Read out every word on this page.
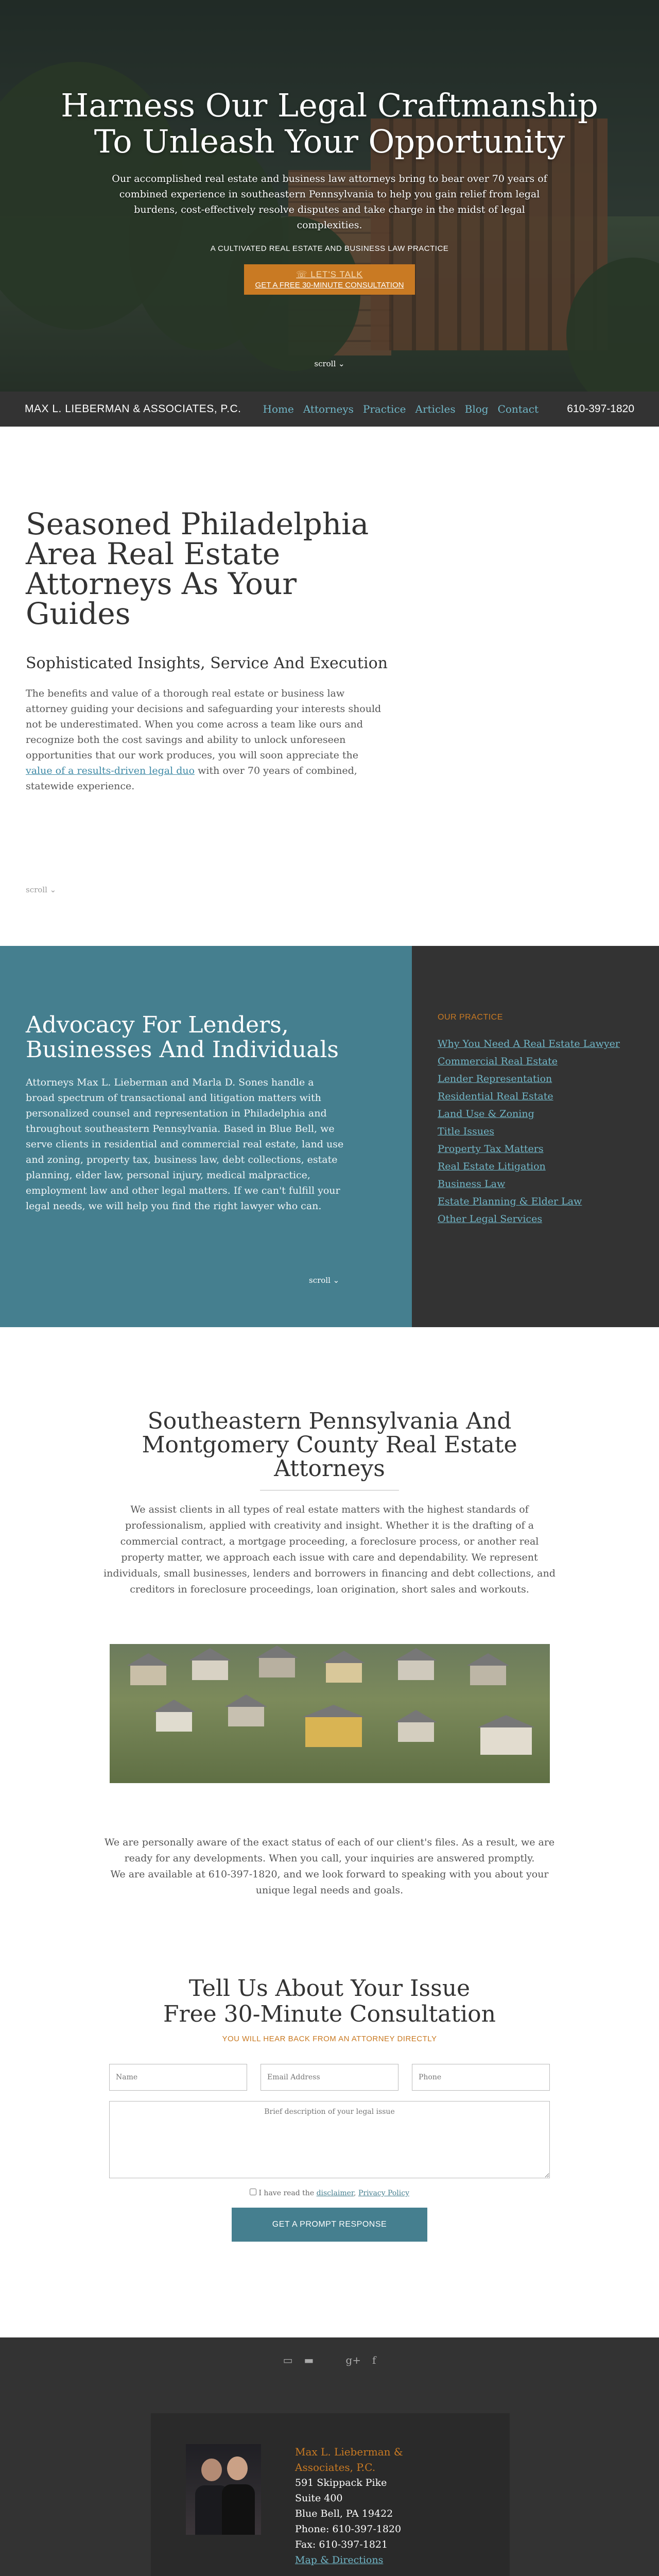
Harness Our Legal Craftmanship
To Unleash Your Opportunity

Our accomplished real estate and business law attorneys bring to bear over 70 years of combined experience in southeastern Pennsylvania to help you gain relief from legal burdens, cost-effectively resolve disputes and take charge in the midst of legal complexities.

A CULTIVATED REAL ESTATE AND BUSINESS LAW PRACTICE
☏ LET'S TALK
GET A FREE 30-MINUTE CONSULTATION
scroll ⌄
MAX L. LIEBERMAN & ASSOCIATES, P.C. Home Attorneys Practice Articles Blog Contact	610-397-1820
Seasoned Philadelphia Area Real Estate Attorneys As Your Guides
Sophisticated Insights, Service And Execution

The benefits and value of a thorough real estate or business law attorney guiding your decisions and safeguarding your interests should not be underestimated. When you come across a team like ours and recognize both the cost savings and ability to unlock unforeseen opportunities that our work produces, you will soon appreciate the value of a results-driven legal duo with over 70 years of combined, statewide experience.

scroll ⌄
Advocacy For Lenders,
Businesses And Individuals

Attorneys Max L. Lieberman and Marla D. Sones handle a broad spectrum of transactional and litigation matters with personalized counsel and representation in Philadelphia and throughout southeastern Pennsylvania. Based in Blue Bell, we serve clients in residential and commercial real estate, land use and zoning, property tax, business law, debt collections, estate planning, elder law, personal injury, medical malpractice, employment law and other legal matters. If we can't fulfill your legal needs, we will help you find the right lawyer who can.

scroll ⌄
OUR PRACTICE
Why You Need A Real Estate Lawyer
Commercial Real Estate
Lender Representation
Residential Real Estate
Land Use & Zoning
Title Issues
Property Tax Matters
Real Estate Litigation
Business Law
Estate Planning & Elder Law
Other Legal Services
Southeastern Pennsylvania And Montgomery County Real Estate Attorneys

We assist clients in all types of real estate matters with the highest standards of professionalism, applied with creativity and insight. Whether it is the drafting of a commercial contract, a mortgage proceeding, a foreclosure process, or another real property matter, we approach each issue with care and dependability. We represent individuals, small businesses, lenders and borrowers in financing and debt collections, and creditors in foreclosure proceedings, loan origination, short sales and workouts.

We are personally aware of the exact status of each of our client's files. As a result, we are ready for any developments. When you call, your inquiries are answered promptly.
We are available at 610-397-1820, and we look forward to speaking with you about your unique legal needs and goals.

Tell Us About Your Issue
Free 30-Minute Consultation
YOU WILL HEAR BACK FROM AN ATTORNEY DIRECTLY
Name
Email Address
Phone
Brief description of your legal issue
I have read the disclaimer, Privacy Policy
GET A PROMPT RESPONSE
▭ ▬	g+ f
Max L. Lieberman & Associates, P.C.
591 Skippack Pike
Suite 400
Blue Bell, PA 19422
Phone: 610-397-1820
Fax: 610-397-1821
Map & Directions
